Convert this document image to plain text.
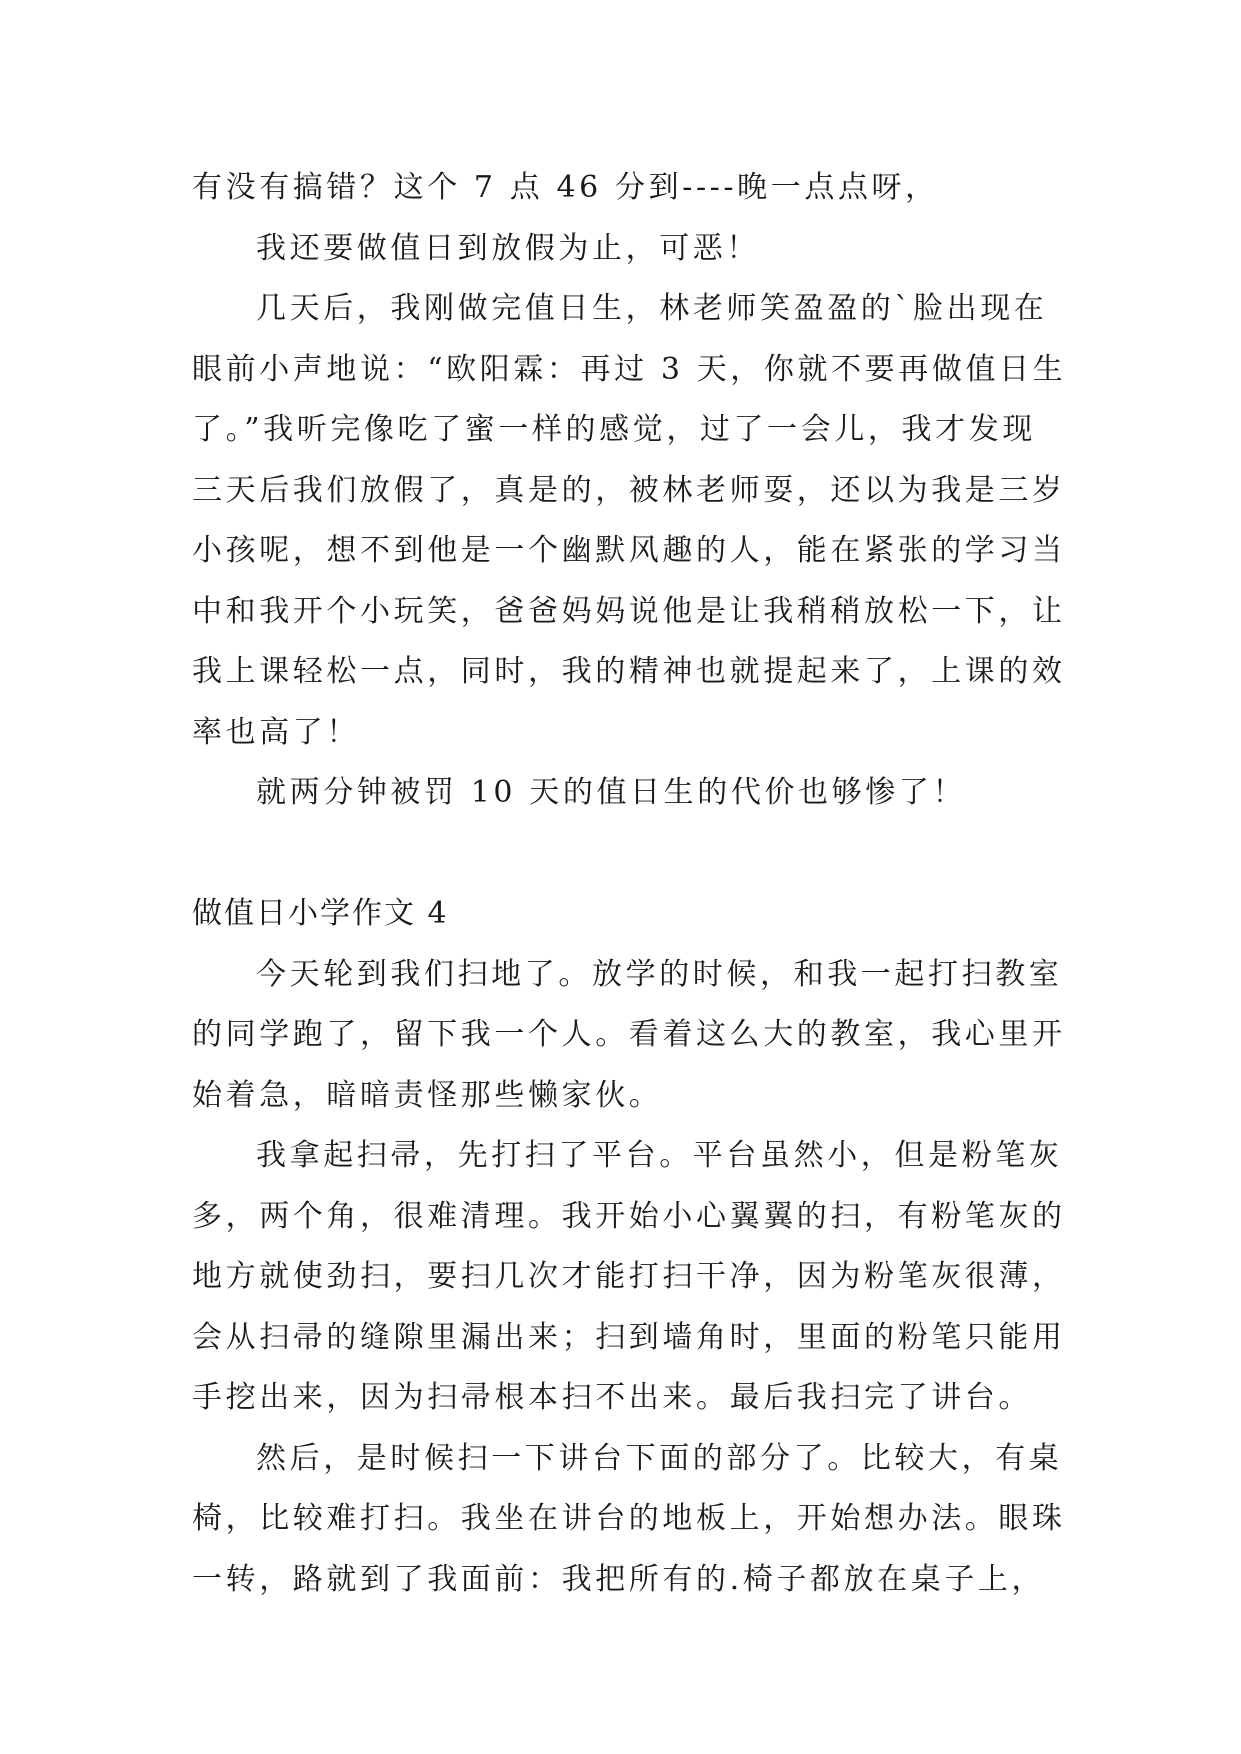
有没有搞错？这个 7 点 46 分到----晚一点点呀，
我还要做值日到放假为止，可恶！
几天后，我刚做完值日生，林老师笑盈盈的`脸出现在
眼前小声地说：“欧阳霖：再过 3 天，你就不要再做值日生
了。”我听完像吃了蜜一样的感觉，过了一会儿，我才发现
三天后我们放假了，真是的，被林老师耍，还以为我是三岁
小孩呢，想不到他是一个幽默风趣的人，能在紧张的学习当
中和我开个小玩笑，爸爸妈妈说他是让我稍稍放松一下，让
我上课轻松一点，同时，我的精神也就提起来了，上课的效
率也高了！
就两分钟被罚 10 天的值日生的代价也够惨了！
做值日小学作文 4
今天轮到我们扫地了。放学的时候，和我一起打扫教室
的同学跑了，留下我一个人。看着这么大的教室，我心里开
始着急，暗暗责怪那些懒家伙。
我拿起扫帚，先打扫了平台。平台虽然小，但是粉笔灰
多，两个角，很难清理。我开始小心翼翼的扫，有粉笔灰的
地方就使劲扫，要扫几次才能打扫干净，因为粉笔灰很薄，
会从扫帚的缝隙里漏出来；扫到墙角时，里面的粉笔只能用
手挖出来，因为扫帚根本扫不出来。最后我扫完了讲台。
然后，是时候扫一下讲台下面的部分了。比较大，有桌
椅，比较难打扫。我坐在讲台的地板上，开始想办法。眼珠
一转，路就到了我面前：我把所有的.椅子都放在桌子上，
